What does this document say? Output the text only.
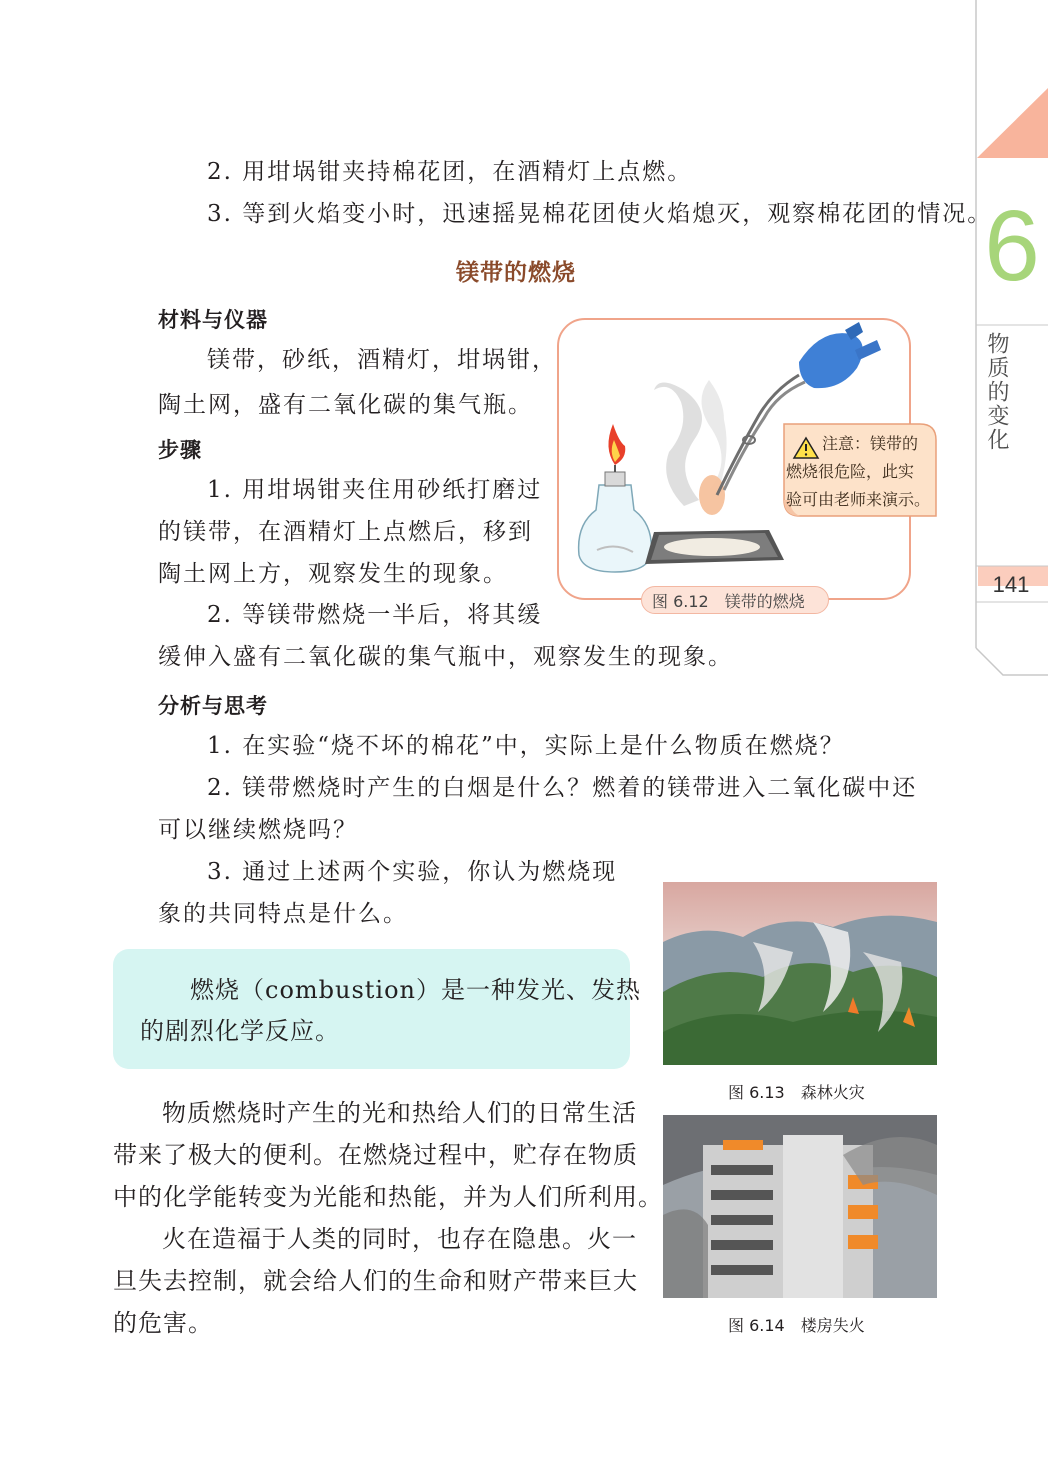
6
物质的变化
141
2. 用坩埚钳夹持棉花团，在酒精灯上点燃。
3. 等到火焰变小时，迅速摇晃棉花团使火焰熄灭，观察棉花团的情况。
镁带的燃烧
材料与仪器
镁带，砂纸，酒精灯，坩埚钳，
陶土网，盛有二氧化碳的集气瓶。
步骤
1. 用坩埚钳夹住用砂纸打磨过
的镁带，在酒精灯上点燃后，移到
陶土网上方，观察发生的现象。
2. 等镁带燃烧一半后，将其缓
缓伸入盛有二氧化碳的集气瓶中，观察发生的现象。
注意：镁带的
燃烧很危险，此实
验可由老师来演示。
图 6.12　镁带的燃烧
分析与思考
1. 在实验“烧不坏的棉花”中，实际上是什么物质在燃烧？
2. 镁带燃烧时产生的白烟是什么？燃着的镁带进入二氧化碳中还
可以继续燃烧吗？
3. 通过上述两个实验，你认为燃烧现
象的共同特点是什么。
燃烧（combustion）是一种发光、发热
的剧烈化学反应。
物质燃烧时产生的光和热给人们的日常生活
带来了极大的便利。在燃烧过程中，贮存在物质
中的化学能转变为光能和热能，并为人们所利用。
火在造福于人类的同时，也存在隐患。火一
旦失去控制，就会给人们的生命和财产带来巨大
的危害。
图 6.13　森林火灾
图 6.14　楼房失火
